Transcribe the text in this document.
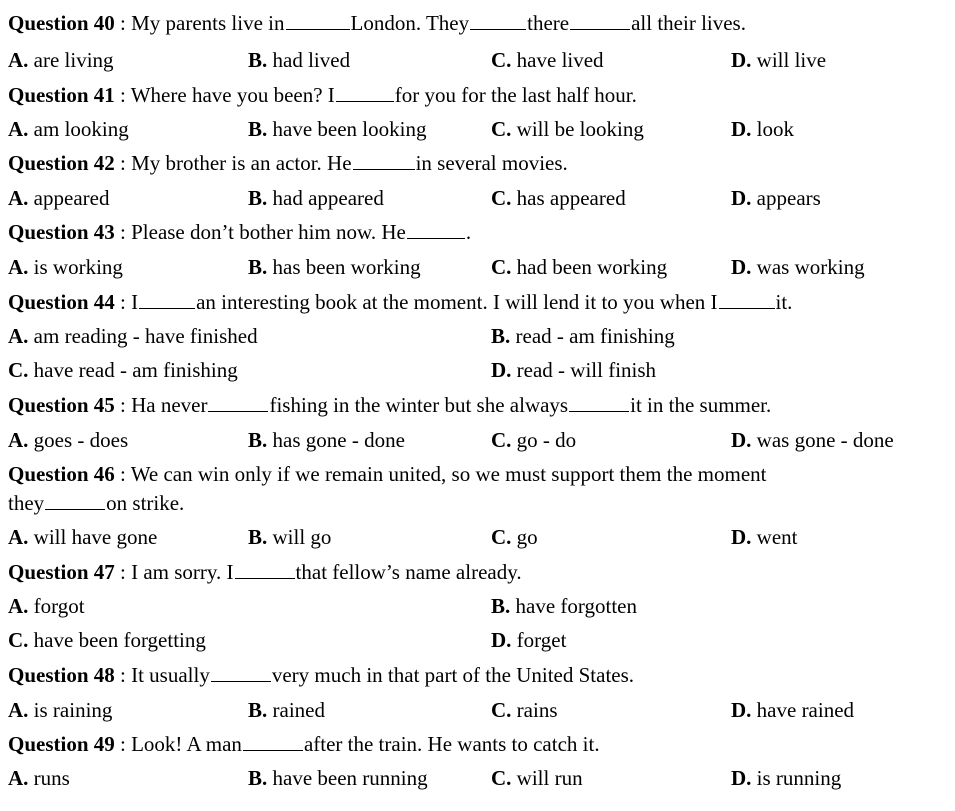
Question 40 : My parents live in	London. They	there	all their lives.
A. are living	B. had lived	C. have lived	D. will live
Question 41 : Where have you been? I	for you for the last half hour.
A. am looking	B. have been looking	C. will be looking	D. look
Question 42 : My brother is an actor. He	in several movies.
A. appeared	B. had appeared	C. has appeared	D. appears
Question 43 : Please don’t bother him now. He	.
A. is working	B. has been working	C. had been working	D. was working
Question 44 : I	an interesting book at the moment. I will lend it to you when I	it.
A. am reading - have finished	B. read - am finishing
C. have read - am finishing	D. read - will finish
Question 45 : Ha never	fishing in the winter but she always	it in the summer.
A. goes - does	B. has gone - done	C. go - do	D. was gone - done
Question 46 : We can win only if we remain united, so we must support them the moment
they	on strike.
A. will have gone	B. will go	C. go	D. went
Question 47 : I am sorry. I	that fellow’s name already.
A. forgot	B. have forgotten
C. have been forgetting	D. forget
Question 48 : It usually	very much in that part of the United States.
A. is raining	B. rained	C. rains	D. have rained
Question 49 : Look! A man	after the train. He wants to catch it.
A. runs	B. have been running	C. will run	D. is running
